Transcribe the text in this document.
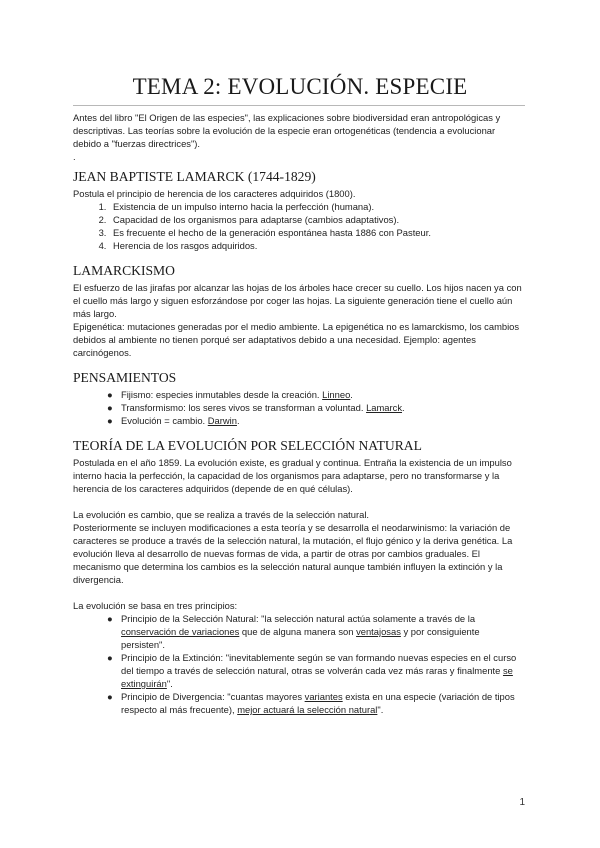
TEMA 2: EVOLUCIÓN. ESPECIE

Antes del libro "El Origen de las especies", las explicaciones sobre biodiversidad eran antropológicas y descriptivas. Las teorías sobre la evolución de la especie eran ortogenéticas (tendencia a evolucionar debido a "fuerzas directrices").

.

JEAN BAPTISTE LAMARCK (1744-1829)

Postula el principio de herencia de los caracteres adquiridos (1800).

1. Existencia de un impulso interno hacia la perfección (humana).
2. Capacidad de los organismos para adaptarse (cambios adaptativos).
3. Es frecuente el hecho de la generación espontánea hasta 1886 con Pasteur.
4. Herencia de los rasgos adquiridos.
LAMARCKISMO

El esfuerzo de las jirafas por alcanzar las hojas de los árboles hace crecer su cuello. Los hijos nacen ya con el cuello más largo y siguen esforzándose por coger las hojas. La siguiente generación tiene el cuello aún más largo.

Epigenética: mutaciones generadas por el medio ambiente. La epigenética no es lamarckismo, los cambios debidos al ambiente no tienen porqué ser adaptativos debido a una necesidad. Ejemplo: agentes carcinógenos.

PENSAMIENTOS
● Fijismo: especies inmutables desde la creación. Linneo.
● Transformismo: los seres vivos se transforman a voluntad. Lamarck.
● Evolución = cambio. Darwin.
TEORÍA DE LA EVOLUCIÓN POR SELECCIÓN NATURAL

Postulada en el año 1859. La evolución existe, es gradual y continua. Entraña la existencia de un impulso interno hacia la perfección, la capacidad de los organismos para adaptarse, pero no transformarse y la herencia de los caracteres adquiridos (depende de en qué células).

La evolución es cambio, que se realiza a través de la selección natural.

Posteriormente se incluyen modificaciones a esta teoría y se desarrolla el neodarwinismo: la variación de caracteres se produce a través de la selección natural, la mutación, el flujo génico y la deriva genética. La evolución lleva al desarrollo de nuevas formas de vida, a partir de otras por cambios graduales. El mecanismo que determina los cambios es la selección natural aunque también influyen la extinción y la divergencia.

La evolución se basa en tres principios:

● Principio de la Selección Natural: "la selección natural actúa solamente a través de la conservación de variaciones que de alguna manera son ventajosas y por consiguiente persisten".
● Principio de la Extinción: "inevitablemente según se van formando nuevas especies en el curso del tiempo a través de selección natural, otras se volverán cada vez más raras y finalmente se extinguirán".
● Principio de Divergencia: "cuantas mayores variantes exista en una especie (variación de tipos respecto al más frecuente), mejor actuará la selección natural".
1
